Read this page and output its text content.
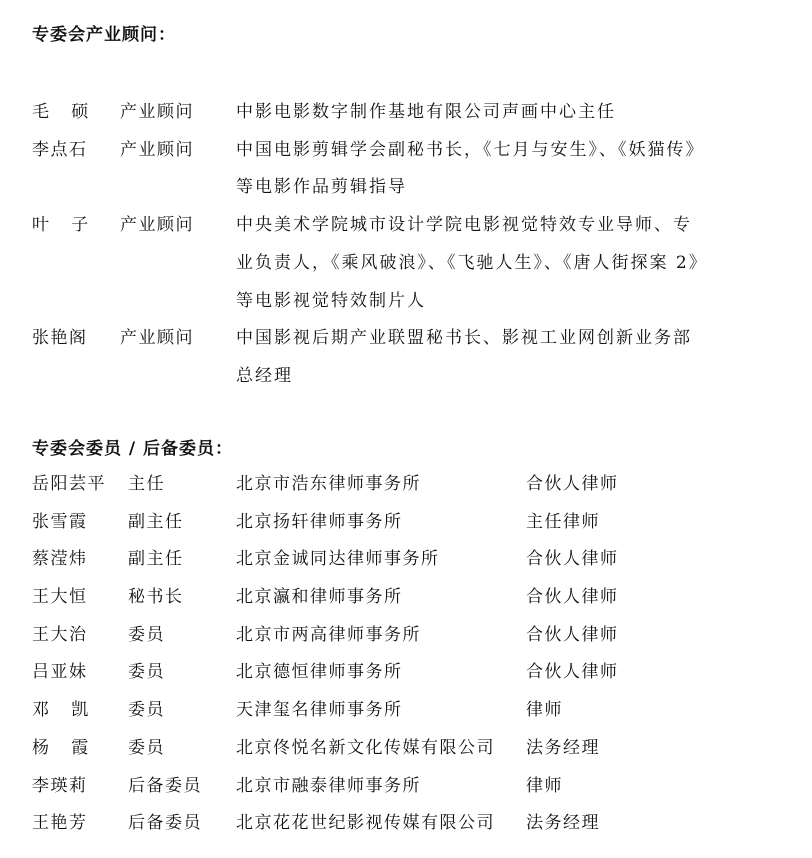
专委会产业顾问：
毛   硕 产业顾问 中影电影数字制作基地有限公司声画中心主任
李点石 产业顾问 中国电影剪辑学会副秘书长，《七月与安生》、《妖猫传》
等电影作品剪辑指导
叶   子 产业顾问 中央美术学院城市设计学院电影视觉特效专业导师、专
业负责人，《乘风破浪》、《飞驰人生》、《唐人街探案 2》
等电影视觉特效制片人
张艳阁 产业顾问 中国影视后期产业联盟秘书长、影视工业网创新业务部
总经理
专委会委员 / 后备委员：
岳阳芸平 主任	北京市浩东律师事务所	合伙人律师
张雪霞 副主任	北京扬轩律师事务所	主任律师
蔡滢炜 副主任	北京金诚同达律师事务所	合伙人律师
王大恒 秘书长	北京瀛和律师事务所	合伙人律师
王大治 委员	北京市两高律师事务所	合伙人律师
吕亚妹 委员	北京德恒律师事务所	合伙人律师
邓   凯 委员	天津玺名律师事务所	律师
杨   霞 委员	北京佟悦名新文化传媒有限公司 法务经理
李瑛莉 后备委员 北京市融泰律师事务所	律师
王艳芳 后备委员 北京花花世纪影视传媒有限公司 法务经理
